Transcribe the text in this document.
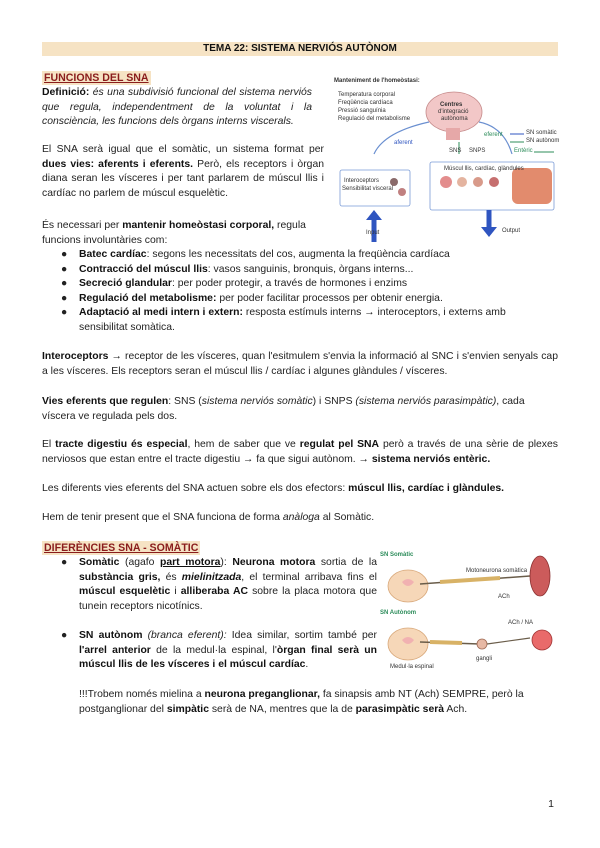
TEMA 22: SISTEMA NERVIÓS AUTÒNOM
FUNCIONS DEL SNA
Definició: és una subdivisió funcional del sistema nerviós que regula, independentment de la voluntat i la consciència, les funcions dels òrgans interns viscerals.
El SNA serà igual que el somàtic, un sistema format per dues vies: aferents i eferents. Però, els receptors i òrgan diana seran les vísceres i per tant parlarem de múscul llis i cardíac no parlem de múscul esquelètic.
És necessari per mantenir homeòstasi corporal, regula funcions involuntàries com:
● Batec cardíac: segons les necessitats del cos, augmenta la freqüència cardíaca
● Contracció del múscul llis: vasos sanguinis, bronquis, òrgans interns...
● Secreció glandular: per poder protegir, a través de hormones i enzims
● Regulació del metabolisme: per poder facilitar processos per obtenir energia.
● Adaptació al medi intern i extern: resposta estímuls interns → interoceptors, i externs amb sensibilitat somàtica.
Interoceptors → receptor de les vísceres, quan l'esitmulem s'envia la informació al SNC i s'envien senyals cap a les vísceres. Els receptors seran el múscul llis / cardíac i algunes glàndules / vísceres.
Vies eferents que regulen: SNS (sistema nerviós somàtic) i SNPS (sistema nerviós parasimpàtic), cada víscera ve regulada pels dos.
El tracte digestiu és especial, hem de saber que ve regulat pel SNA però a través de una sèrie de plexes nerviosos que estan entre el tracte digestiu → fa que sigui autònom. → sistema nerviós entèric.
Les diferents vies eferents del SNA actuen sobre els dos efectors: múscul llis, cardíac i glàndules.
Hem de tenir present que el SNA funciona de forma anàloga al Somàtic.
DIFERÈNCIES SNA - SOMÀTIC
● Somàtic (agafo part motora): Neurona motora sortia de la substància gris, és mielinitzada, el terminal arribava fins el múscul esquelètic i alliberaba AC sobre la placa motora que tunein receptors nicotínics.
● SN autònom (branca eferent): Idea similar, sortim també per l'arrel anterior de la medul·la espinal, l'òrgan final serà un múscul llis de les vísceres i el múscul cardíac.
!!!Trobem només mielina a neurona preganglionar, fa sinapsis amb NT (Ach) SEMPRE, però la postganglionar del simpàtic serà de NA, mentres que la de parasimpàtic serà Ach.
1
Manteniment de l'homeòstasi:
Temperatura corporal
Freqüència cardíaca
Pressió sanguínia
Regulació del metabolisme
Centres
d'integració
autònoma
aferent
eferent
SNS SNPS	Entèric
SN somàtic
SN autònom
Interoceptors
Sensibilitat visceral
Múscul llis, cardíac, glàndules
Input	Output
SN Somàtic
SN Autònom
Motoneurona somàtica
ACh
ACh / NA
Medul·la espinal
gangli
